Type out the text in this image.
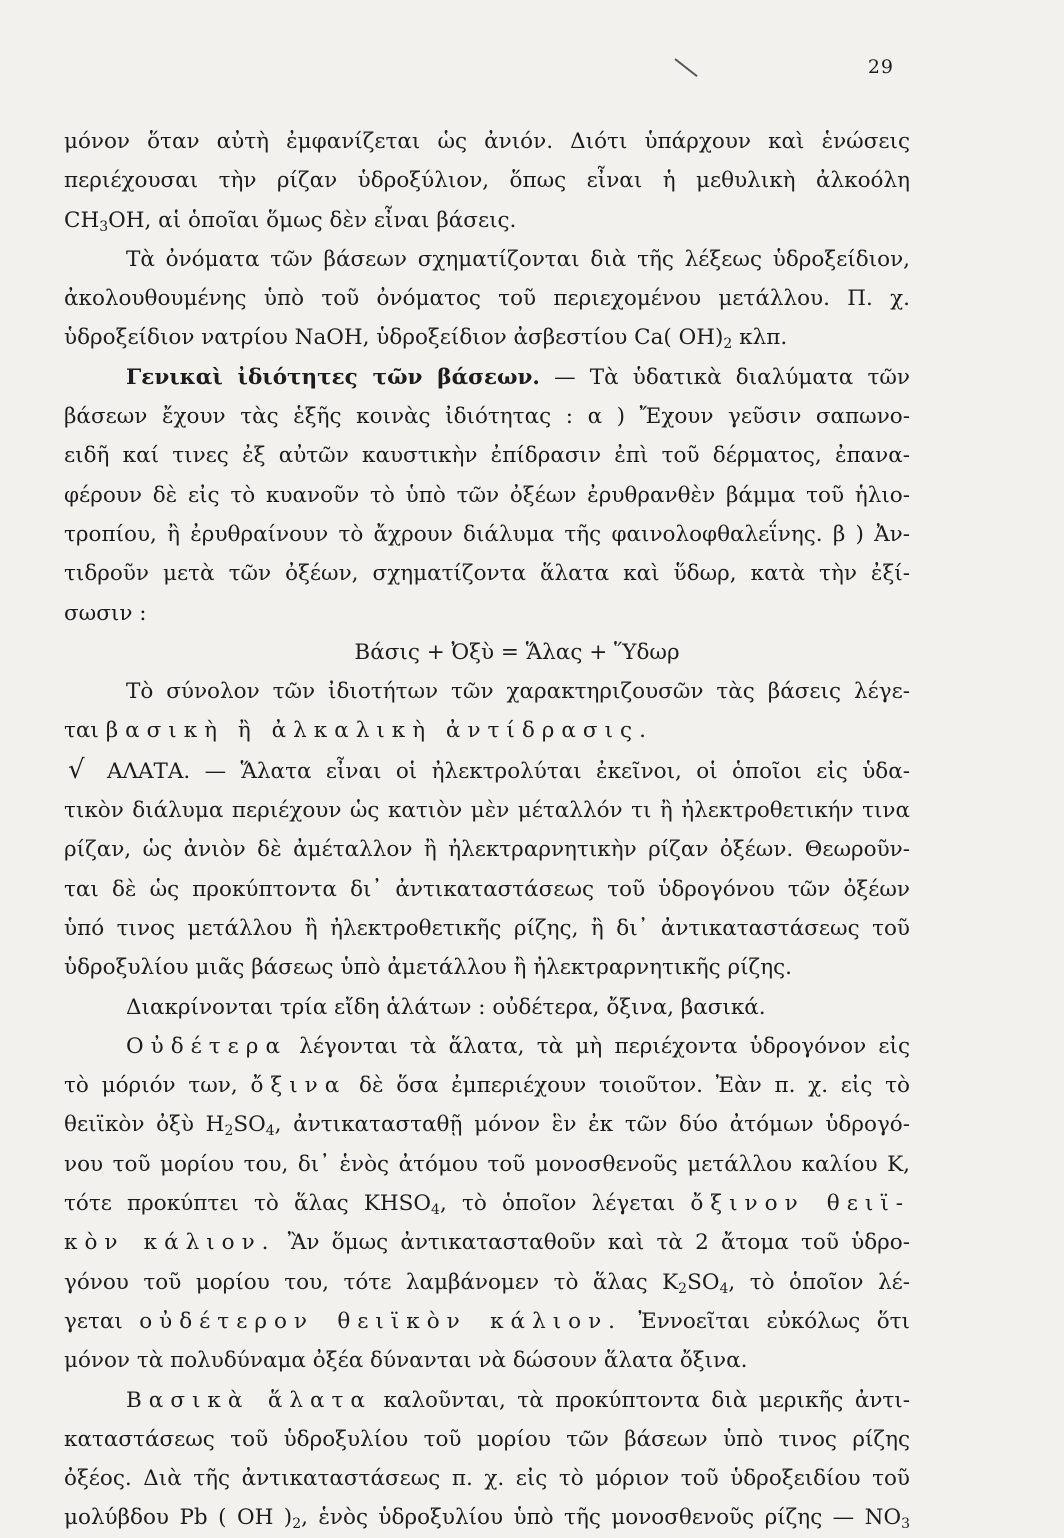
29
μόνον ὅταν αὐτὴ ἐμφανίζεται ὡς ἀνιόν. Διότι ὑπάρχουν καὶ ἑνώσεις
περιέχουσαι τὴν ρίζαν ὑδροξύλιον, ὅπως εἶναι ἡ μεθυλικὴ ἀλκοόλη
$CH_3OH$, αἱ ὁποῖαι ὅμως δὲν εἶναι βάσεις.
Τὰ ὀνόματα τῶν βάσεων σχηματίζονται διὰ τῆς λέξεως ὑδροξείδιον,
ἀκολουθουμένης ὑπὸ τοῦ ὀνόματος τοῦ περιεχομένου μετάλλου. Π. χ.
ὑδροξείδιον νατρίου NaOH, ὑδροξείδιον ἀσβεστίου Ca( $OH)_2$ κλπ.
Γενικαὶ ἰδιότητες τῶν βάσεων. — Τὰ ὑδατικὰ διαλύματα τῶν
βάσεων ἔχουν τὰς ἑξῆς κοινὰς ἰδιότητας : α ) Ἔχουν γεῦσιν σαπωνο-
ειδῆ καί τινες ἐξ αὐτῶν καυστικὴν ἐπίδρασιν ἐπὶ τοῦ δέρματος, ἐπανα-
φέρουν δὲ εἰς τὸ κυανοῦν τὸ ὑπὸ τῶν ὀξέων ἐρυθρανθὲν βάμμα τοῦ ἡλιο-
τροπίου, ἢ ἐρυθραίνουν τὸ ἄχρουν διάλυμα τῆς φαινολοφθαλεΐνης. β ) Ἀν-
τιδροῦν μετὰ τῶν ὀξέων, σχηματίζοντα ἅλατα καὶ ὕδωρ, κατὰ τὴν ἐξί-
σωσιν :
Βάσις + Ὀξὺ = Ἅλας + Ὕδωρ
Τὸ σύνολον τῶν ἰδιοτήτων τῶν χαρακτηριζουσῶν τὰς βάσεις λέγε-
ται βασικὴ ἢ ἀλκαλικὴ ἀντίδρασις.
√ ΑΛΑΤΑ. — Ἅλατα εἶναι οἱ ἠλεκτρολύται ἐκεῖνοι, οἱ ὁποῖοι εἰς ὑδα-
τικὸν διάλυμα περιέχουν ὡς κατιὸν μὲν μέταλλόν τι ἢ ἠλεκτροθετικήν τινα
ρίζαν, ὡς ἀνιὸν δὲ ἀμέταλλον ἢ ἠλεκτραρνητικὴν ρίζαν ὀξέων. Θεωροῦν-
ται δὲ ὡς προκύπτοντα δι᾽ ἀντικαταστάσεως τοῦ ὑδρογόνου τῶν ὀξέων
ὑπό τινος μετάλλου ἢ ἠλεκτροθετικῆς ρίζης, ἢ δι᾽ ἀντικαταστάσεως τοῦ
ὑδροξυλίου μιᾶς βάσεως ὑπὸ ἀμετάλλου ἢ ἠλεκτραρνητικῆς ρίζης.
Διακρίνονται τρία εἴδη ἁλάτων : οὐδέτερα, ὄξινα, βασικά.
Οὐδέτερα λέγονται τὰ ἅλατα, τὰ μὴ περιέχοντα ὑδρογόνον εἰς
τὸ μόριόν των, ὄξινα δὲ ὅσα ἐμπεριέχουν τοιοῦτον. Ἐὰν π. χ. εἰς τὸ
θειϊκὸν ὀξὺ $H_2SO_4$, ἀντικατασταθῇ μόνον ἓν ἐκ τῶν δύο ἀτόμων ὑδρογό-
νου τοῦ μορίου του, δι᾽ ἑνὸς ἀτόμου τοῦ μονοσθενοῦς μετάλλου καλίου K,
τότε προκύπτει τὸ ἅλας $KHSO_4$, τὸ ὁποῖον λέγεται ὄξινον θειϊ-
κὸν κάλιον. Ἂν ὅμως ἀντικατασταθοῦν καὶ τὰ 2 ἄτομα τοῦ ὑδρο-
γόνου τοῦ μορίου του, τότε λαμβάνομεν τὸ ἅλας $K_2SO_4$, τὸ ὁποῖον λέ-
γεται οὐδέτερον θειϊκὸν κάλιον. Ἐννοεῖται εὐκόλως ὅτι
μόνον τὰ πολυδύναμα ὀξέα δύνανται νὰ δώσουν ἅλατα ὄξινα.
Βασικὰ ἅλατα καλοῦνται, τὰ προκύπτοντα διὰ μερικῆς ἀντι-
καταστάσεως τοῦ ὑδροξυλίου τοῦ μορίου τῶν βάσεων ὑπὸ τινος ρίζης
ὀξέος. Διὰ τῆς ἀντικαταστάσεως π. χ. εἰς τὸ μόριον τοῦ ὑδροξειδίου τοῦ
μολύβδου Pb ( OH )$_2$, ἑνὸς ὑδροξυλίου ὑπὸ τῆς μονοσθενοῦς ρίζης — $NO_3$
